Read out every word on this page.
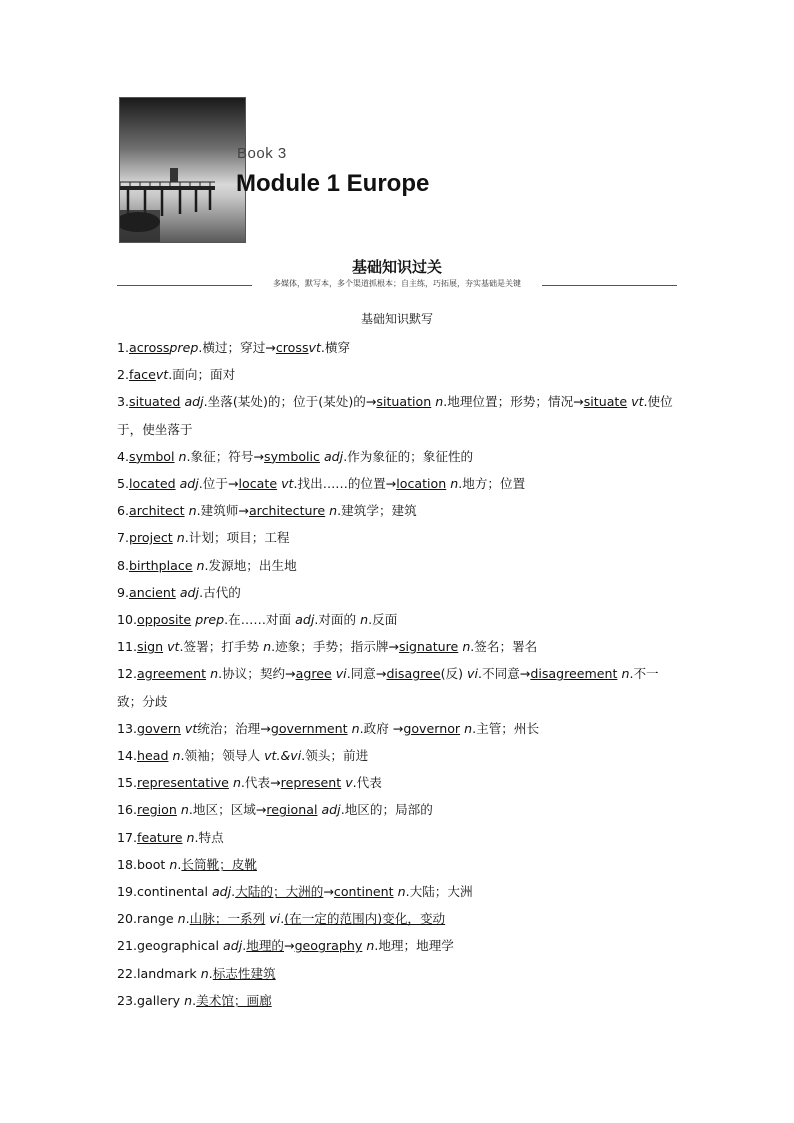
Book 3
Module 1 Europe
基础知识过关
多媒体，默写本，多个渠道抓根本；自主练，巧拓展，夯实基础是关键
基础知识默写
1.acrossprep.横过；穿过→crossvt.横穿
2.facevt.面向；面对
3.situated adj.坐落(某处)的；位于(某处)的→situation n.地理位置；形势；情况→situate vt.使位于，使坐落于
4.symbol n.象征；符号→symbolic adj.作为象征的；象征性的
5.located adj.位于→locate vt.找出……的位置→location n.地方；位置
6.architect n.建筑师→architecture n.建筑学；建筑
7.project n.计划；项目；工程
8.birthplace n.发源地；出生地
9.ancient adj.古代的
10.opposite prep.在……对面 adj.对面的 n.反面
11.sign vt.签署；打手势 n.迹象；手势；指示牌→signature n.签名；署名
12.agreement n.协议；契约→agree vi.同意→disagree(反) vi.不同意→disagreement n.不一致；分歧
13.govern vt统治；治理→government n.政府 →governor n.主管；州长
14.head n.领袖；领导人 vt.&vi.领头；前进
15.representative n.代表→represent v.代表
16.region n.地区；区域→regional adj.地区的；局部的
17.feature n.特点
18.boot n.长筒靴；皮靴
19.continental adj.大陆的；大洲的→continent n.大陆；大洲
20.range n.山脉；一系列 vi.(在一定的范围内)变化，变动
21.geographical adj.地理的→geography n.地理；地理学
22.landmark n.标志性建筑
23.gallery n.美术馆；画廊
